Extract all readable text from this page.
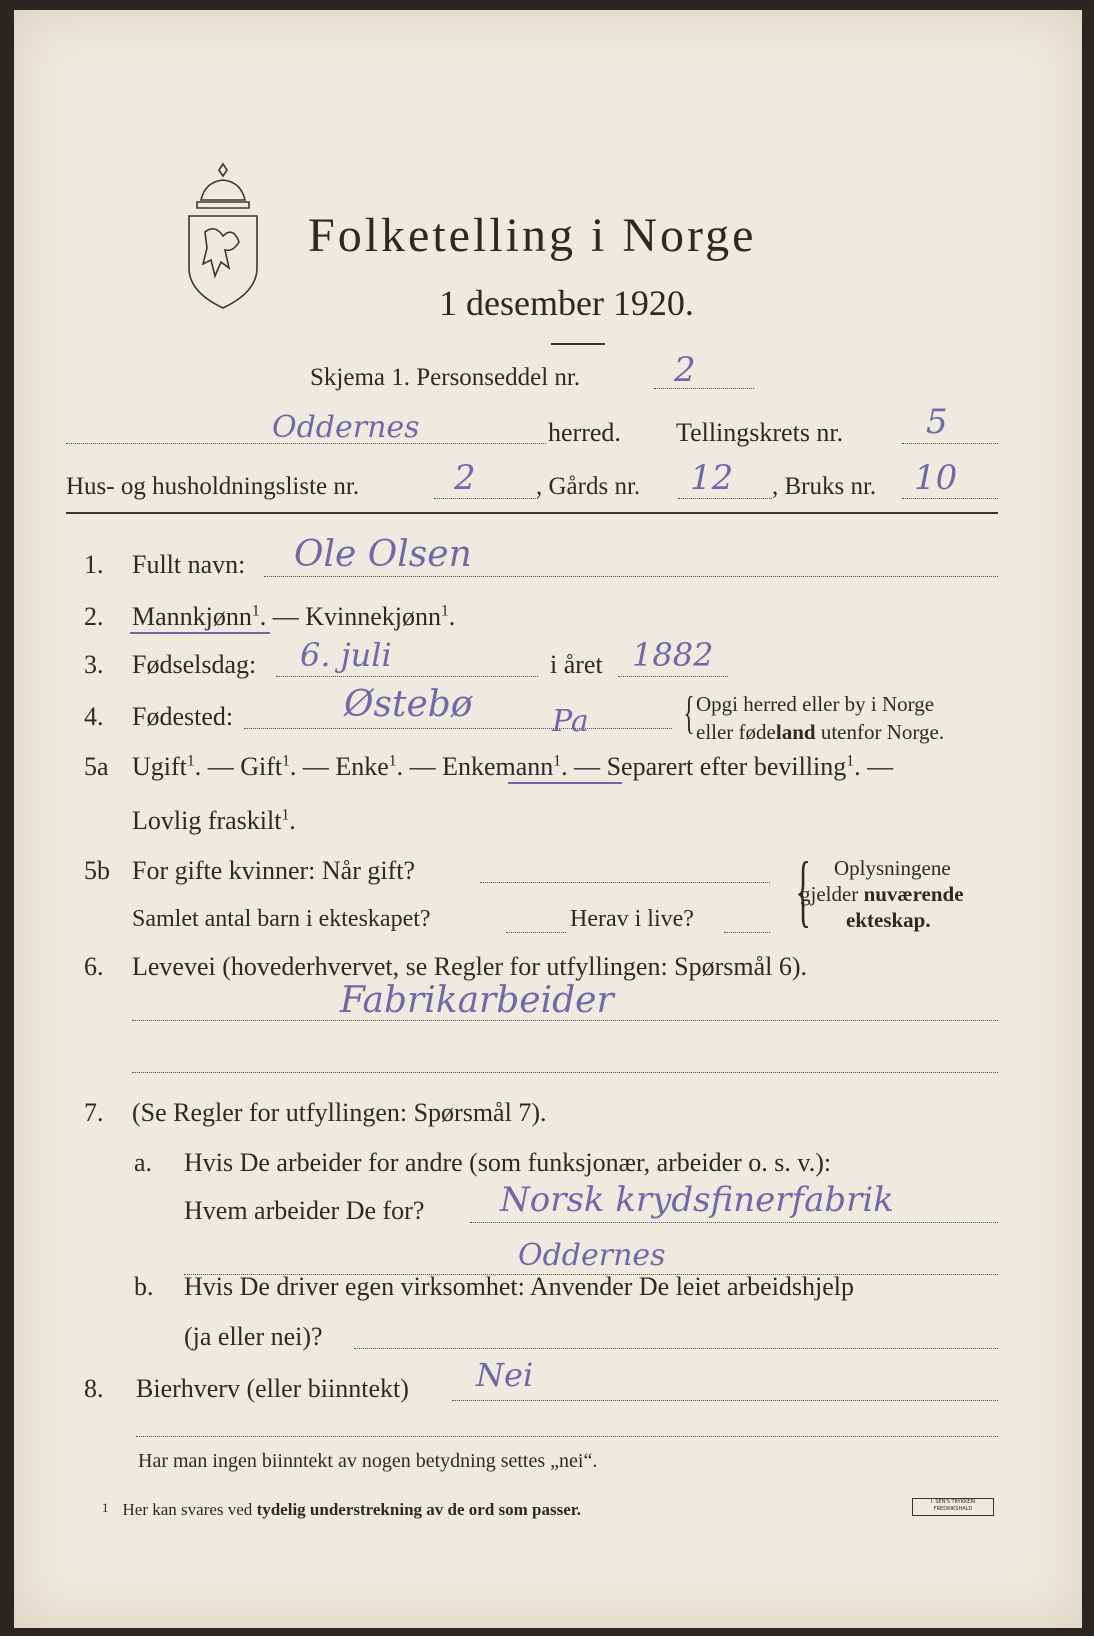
Folketelling i Norge
1 desember 1920.
Skjema 1. Personseddel nr.	2
Oddernes	herred. Tellingskrets nr. 5
Hus- og husholdningsliste nr.	2 , Gårds nr. 12 , Bruks nr. 10
1. Fullt navn: Ole Olsen
2. Mannkjønn$^1$. — Kvinnekjønn$^1$.
3. Fødselsdag: 6. juli	i året 1882
4. Fødested:	Østebø	Pa { Opgi herred eller by i Norge
eller fødeland utenfor Norge.
5a Ugift$^1$. — Gift$^1$. — Enke$^1$. — Enkemann$^1$. — Separert efter bevilling$^1$. —
Lovlig fraskilt$^1$.
5b For gifte kvinner: Når gift?
Samlet antal barn i ekteskapet?	Herav i live? { Oplysningene
gjelder nuværende
ekteskap.
6. Levevei (hovederhvervet, se Regler for utfyllingen: Spørsmål 6).
Fabrikarbeider
7. (Se Regler for utfyllingen: Spørsmål 7).
a. Hvis De arbeider for andre (som funksjonær, arbeider o. s. v.):
Hvem arbeider De for? Norsk krydsfinerfabrik
Oddernes
b. Hvis De driver egen virksomhet: Anvender De leiet arbeidshjelp
(ja eller nei)?
8. Bierhverv (eller biinntekt) Nei
Har man ingen biinntekt av nogen betydning settes „nei“.
$^1$ Her kan svares ved tydelig understrekning av de ord som passer.	I. SEN'S TRYKKERI FREDRIKSHALD
